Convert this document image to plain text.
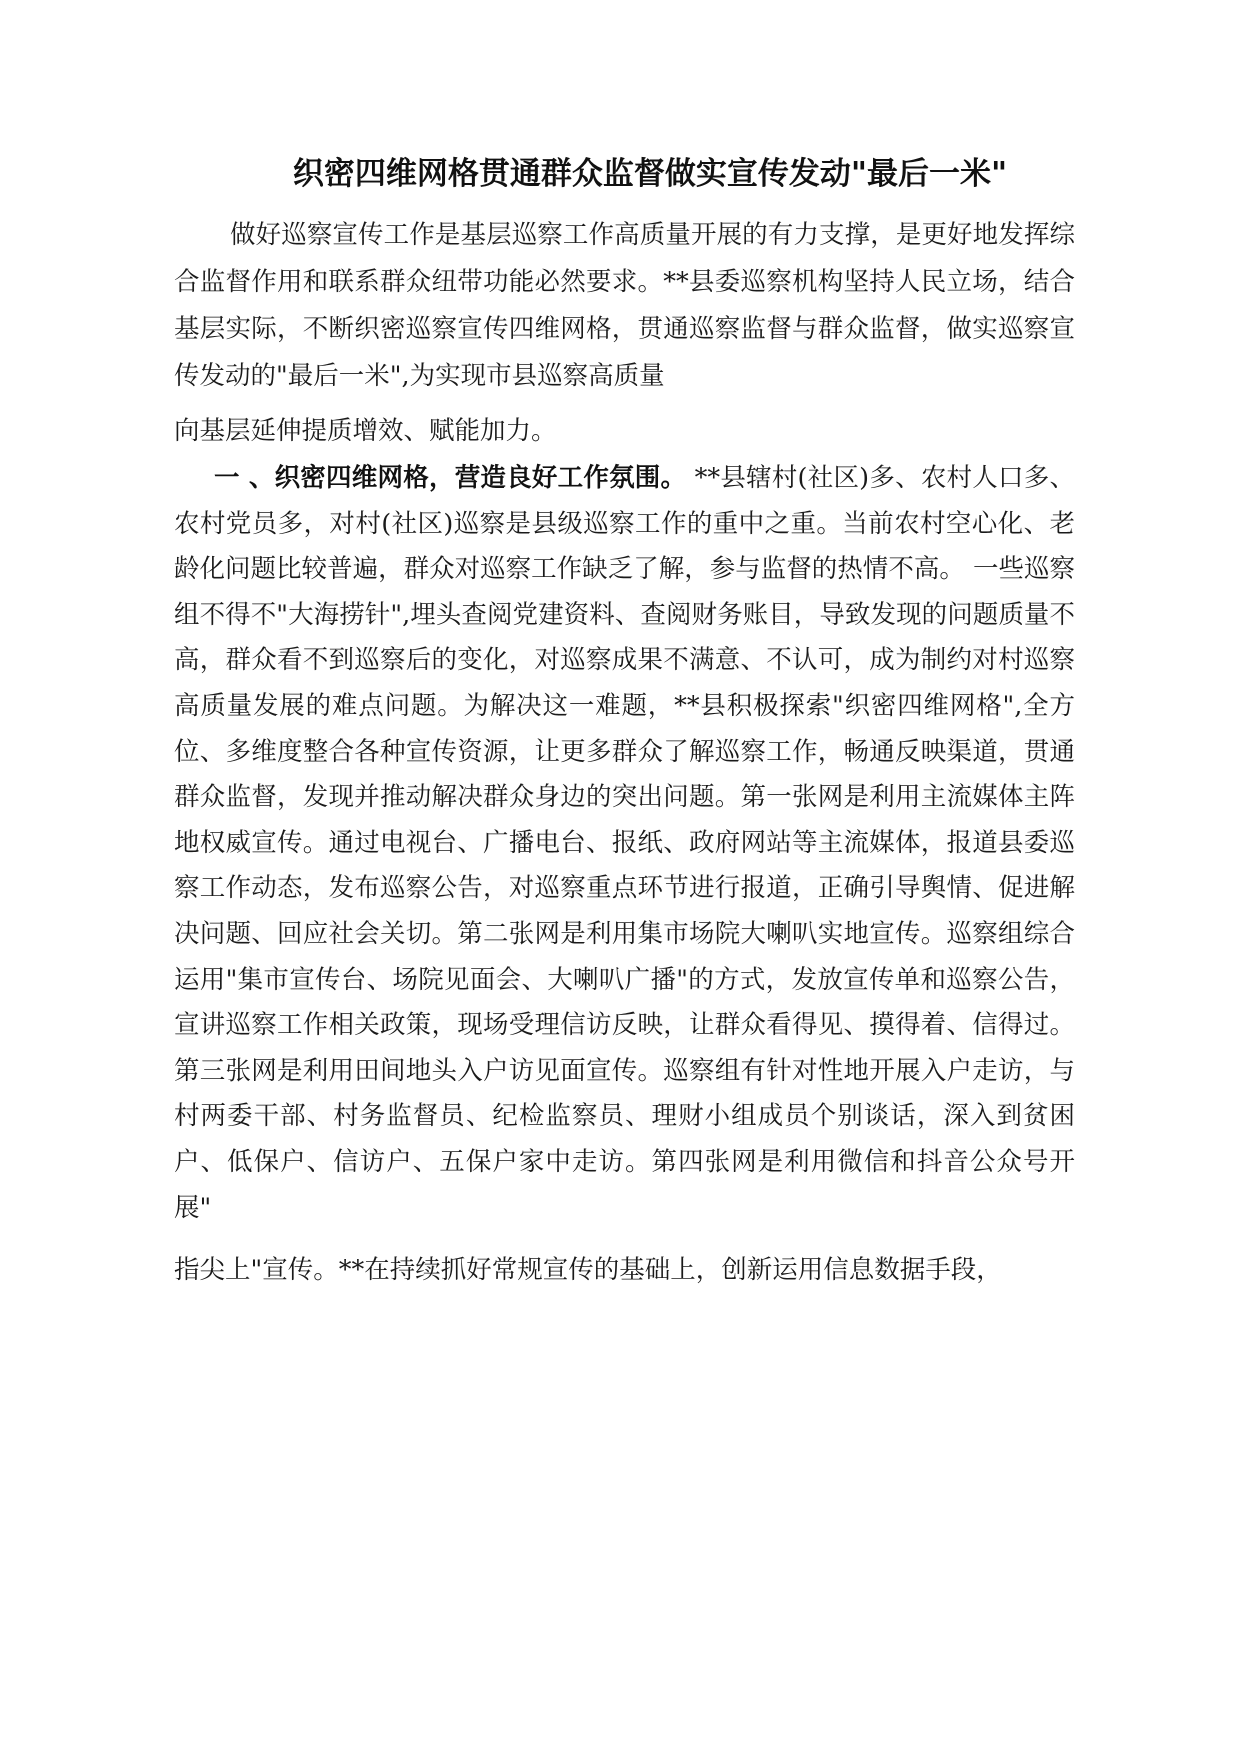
织密四维网格贯通群众监督做实宣传发动"最后一米"
做好巡察宣传工作是基层巡察工作高质量开展的有力支撑，是更好地发挥综合监督作用和联系群众纽带功能必然要求。**县委巡察机构坚持人民立场，结合基层实际，不断织密巡察宣传四维网格，贯通巡察监督与群众监督，做实巡察宣传发动的"最后一米",为实现市县巡察高质量
向基层延伸提质增效、赋能加力。
一 、织密四维网格，营造良好工作氛围。 **县辖村(社区)多、农村人口多、农村党员多，对村(社区)巡察是县级巡察工作的重中之重。当前农村空心化、老龄化问题比较普遍，群众对巡察工作缺乏了解，参与监督的热情不高。 一些巡察组不得不"大海捞针",埋头查阅党建资料、查阅财务账目，导致发现的问题质量不高，群众看不到巡察后的变化，对巡察成果不满意、不认可，成为制约对村巡察高质量发展的难点问题。为解决这一难题，**县积极探索"织密四维网格",全方位、多维度整合各种宣传资源，让更多群众了解巡察工作，畅通反映渠道，贯通群众监督，发现并推动解决群众身边的突出问题。第一张网是利用主流媒体主阵地权威宣传。通过电视台、广播电台、报纸、政府网站等主流媒体，报道县委巡察工作动态，发布巡察公告，对巡察重点环节进行报道，正确引导舆情、促进解决问题、回应社会关切。第二张网是利用集市场院大喇叭实地宣传。巡察组综合运用"集市宣传台、场院见面会、大喇叭广播"的方式，发放宣传单和巡察公告，宣讲巡察工作相关政策，现场受理信访反映，让群众看得见、摸得着、信得过。第三张网是利用田间地头入户访见面宣传。巡察组有针对性地开展入户走访，与村两委干部、村务监督员、纪检监察员、理财小组成员个别谈话，深入到贫困户、低保户、信访户、五保户家中走访。第四张网是利用微信和抖音公众号开展"
指尖上"宣传。**在持续抓好常规宣传的基础上，创新运用信息数据手段，
